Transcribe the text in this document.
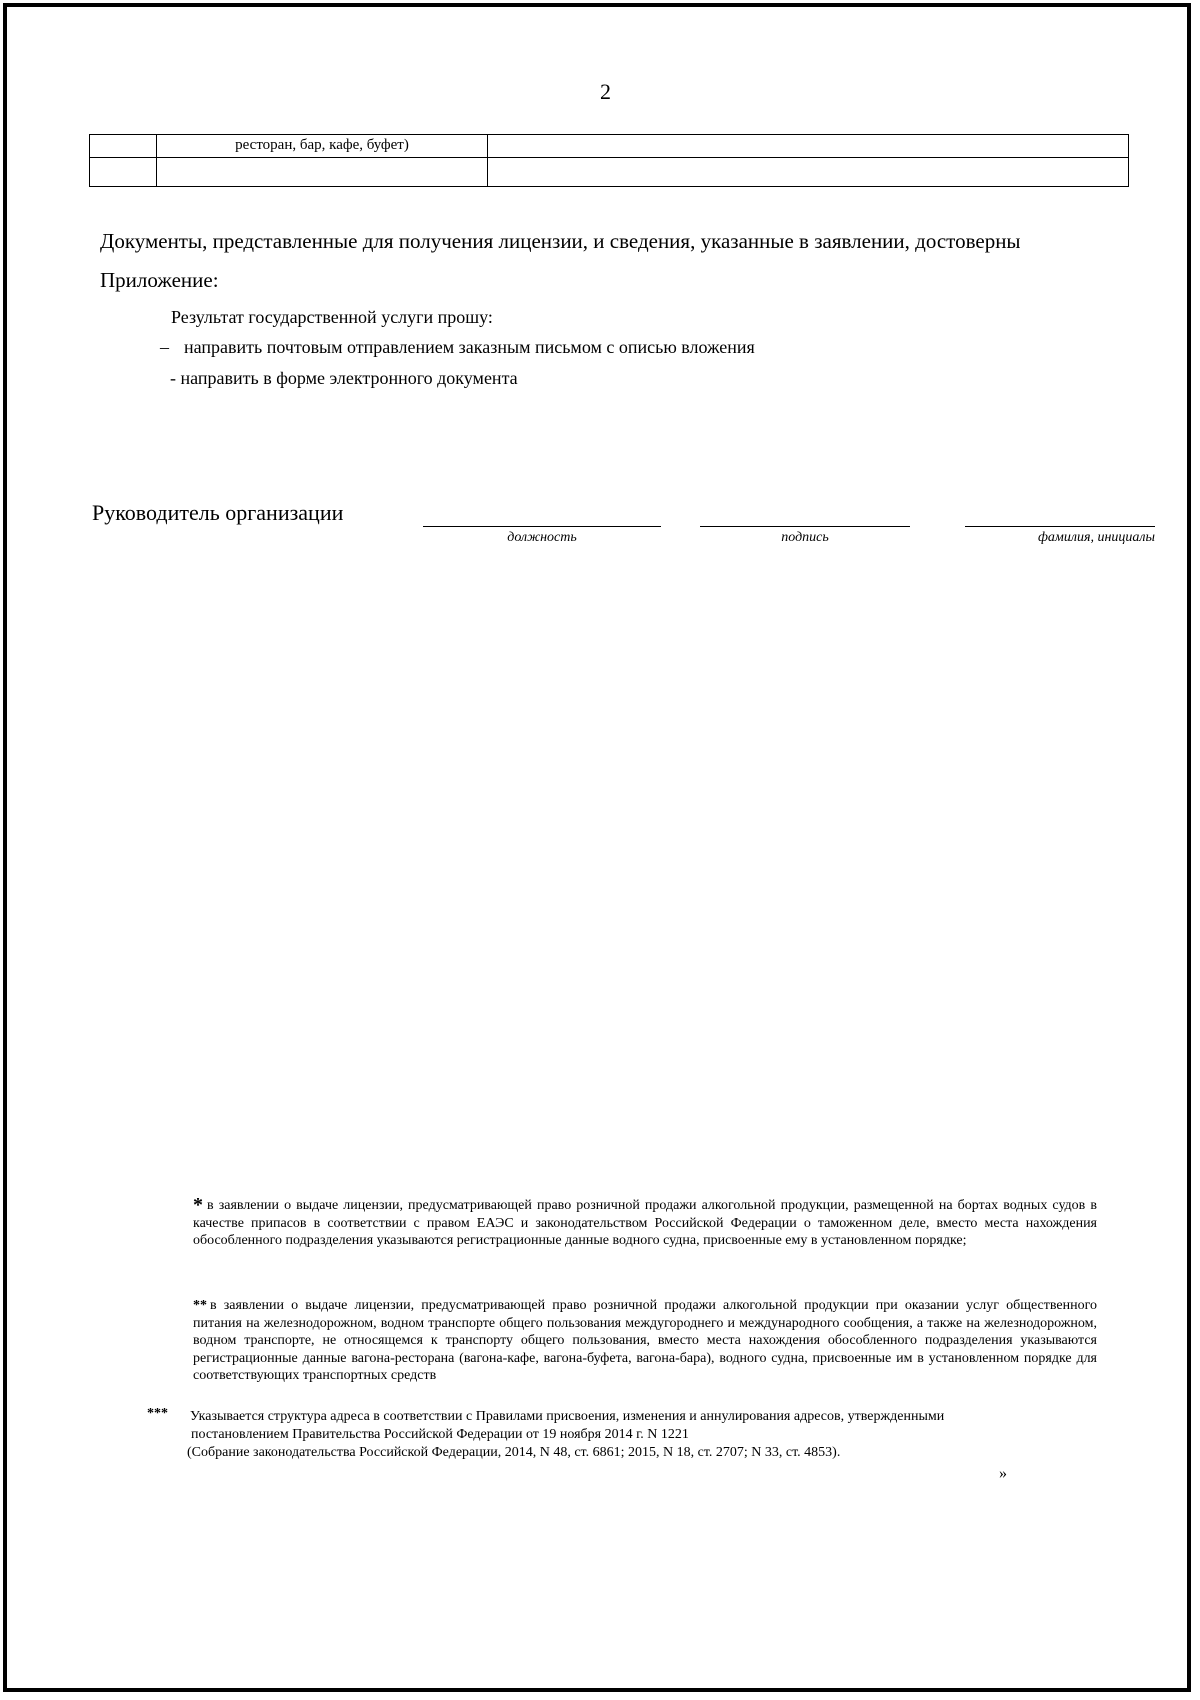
2
	ресторан, бар, кафе, буфет)	

Документы, представленные для получения лицензии, и сведения, указанные в заявлении, достоверны
Приложение:
Результат государственной услуги прошу:
– направить почтовым отправлением заказным письмом с описью вложения
- направить в форме электронного документа
Руководитель организации
должность	подпись	фамилия, инициалы
* в заявлении о выдаче лицензии, предусматривающей право розничной продажи алкогольной продукции, размещенной на бортах водных судов в качестве припасов в соответствии с правом ЕАЭС и законодательством Российской Федерации о таможенном деле, вместо места нахождения обособленного подразделения указываются регистрационные данные водного судна, присвоенные ему в установленном порядке;
** в заявлении о выдаче лицензии, предусматривающей право розничной продажи алкогольной продукции при оказании услуг общественного питания на железнодорожном, водном транспорте общего пользования междугороднего и международного сообщения, а также на железнодорожном, водном транспорте, не относящемся к транспорту общего пользования, вместо места нахождения обособленного подразделения указываются регистрационные данные вагона-ресторана (вагона-кафе, вагона-буфета, вагона-бара), водного судна, присвоенные им в установленном порядке для соответствующих транспортных средств
*** Указывается структура адреса в соответствии с Правилами присвоения, изменения и аннулирования адресов, утвержденными
постановлением Правительства Российской Федерации от 19 ноября 2014 г. N 1221
(Собрание законодательства Российской Федерации, 2014, N 48, ст. 6861; 2015, N 18, ст. 2707; N 33, ст. 4853).
»
